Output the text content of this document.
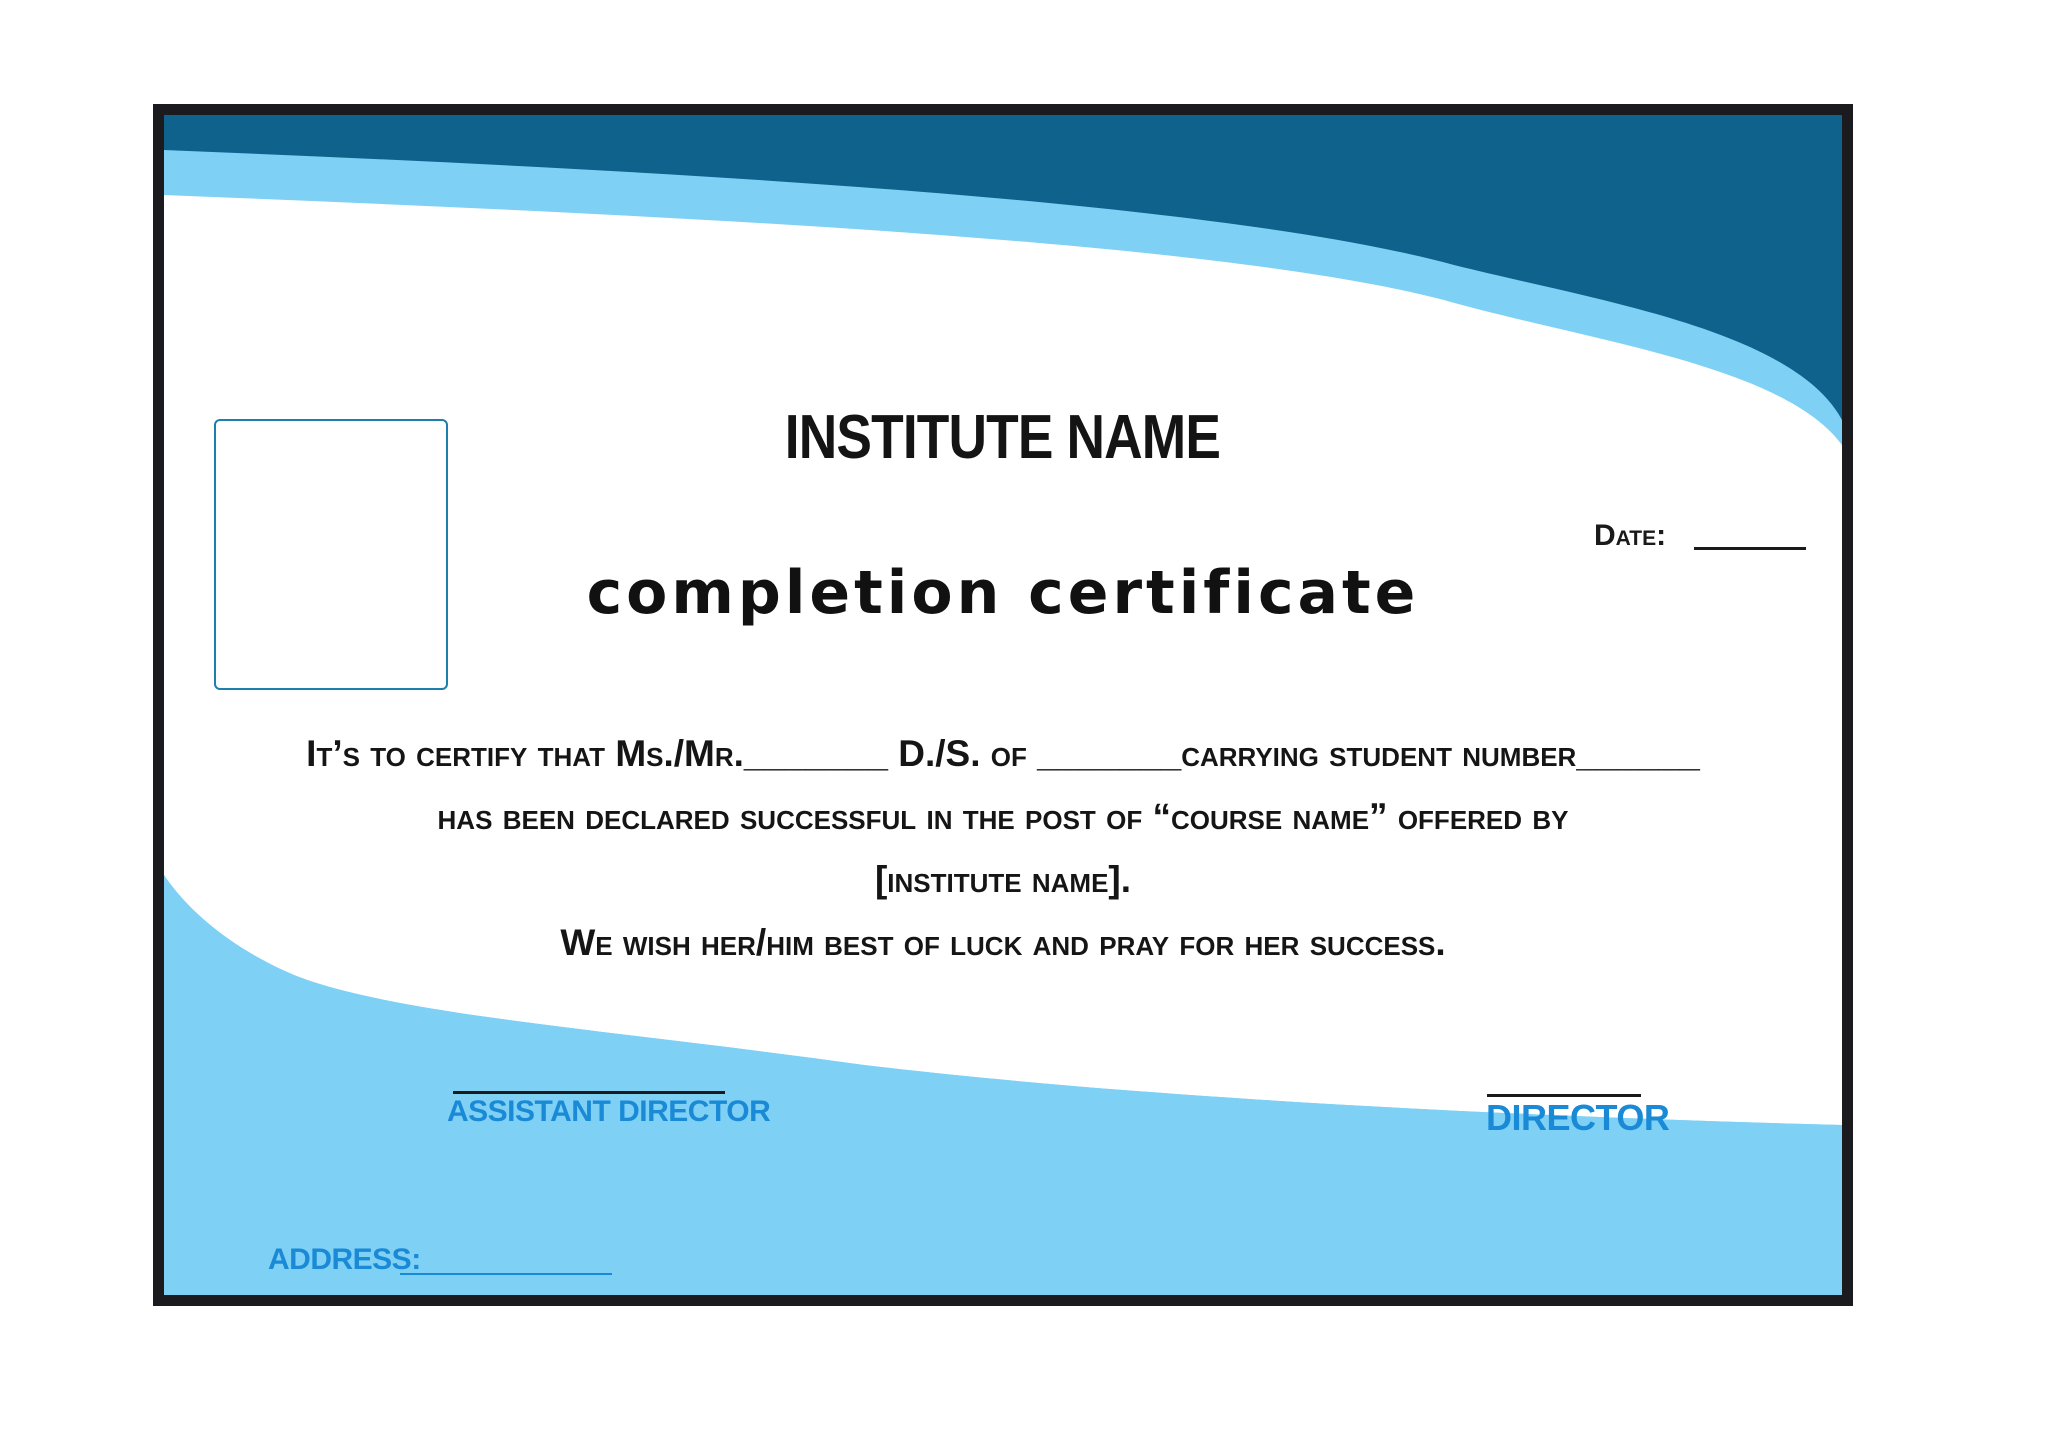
INSTITUTE NAME
Date:
completion certificate
It’s to certify that Ms./Mr._______ D./S. of _______carrying student number______
has been declared successful in the post of “course name” offered by
[institute name].
We wish her/him best of luck and pray for her success.
ASSISTANT DIRECTOR	DIRECTOR
ADDRESS:
